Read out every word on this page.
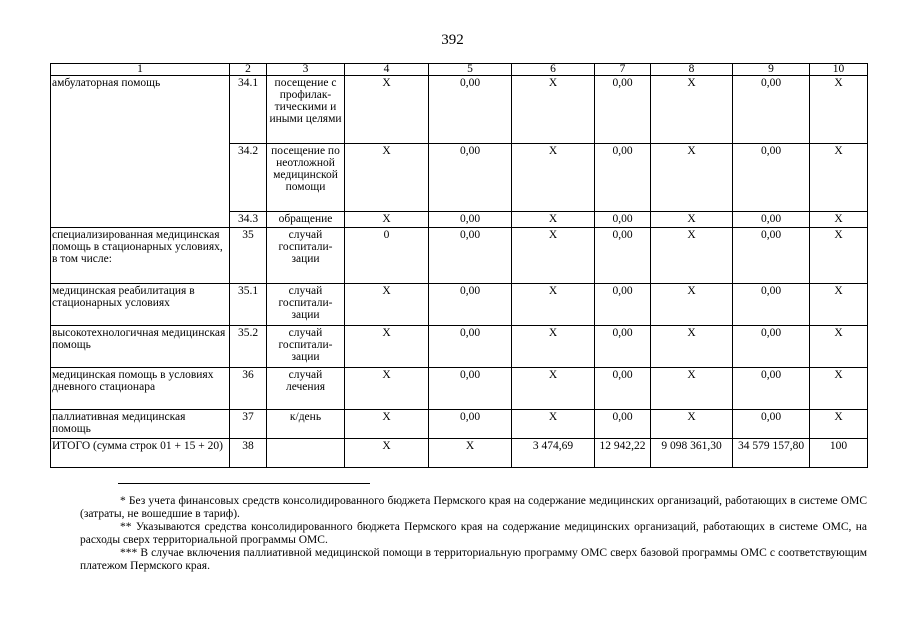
392
1	2	3	4	5	6	7	8	9	10
амбулаторная помощь	34.1	посещение с профилак-тическими и иными целями	Х	0,00	Х	0,00	Х	0,00	Х
	34.2	посещение по неотложной медицинской помощи	Х	0,00	Х	0,00	Х	0,00	Х
	34.3	обращение	Х	0,00	Х	0,00	Х	0,00	Х
специализированная медицинская помощь в стационарных условиях, в том числе:	35	случай госпитали-зации	0	0,00	Х	0,00	Х	0,00	Х
медицинская реабилитация в стационарных условиях	35.1	случай госпитали-зации	Х	0,00	Х	0,00	Х	0,00	Х
высокотехнологичная медицинская помощь	35.2	случай госпитали-зации	Х	0,00	Х	0,00	Х	0,00	Х
медицинская помощь в условиях дневного стационара	36	случай лечения	Х	0,00	Х	0,00	Х	0,00	Х
паллиативная медицинская помощь	37	к/день	Х	0,00	Х	0,00	Х	0,00	Х
ИТОГО (сумма строк 01 + 15 + 20)	38		Х	Х	3 474,69	12 942,22	9 098 361,30	34 579 157,80	100

* Без учета финансовых средств консолидированного бюджета Пермского края на содержание медицинских организаций, работающих в системе ОМС (затраты, не вошедшие в тариф).

** Указываются средства консолидированного бюджета Пермского края на содержание медицинских организаций, работающих в системе ОМС, на расходы сверх территориальной программы ОМС.

*** В случае включения паллиативной медицинской помощи в территориальную программу ОМС сверх базовой программы ОМС с соответствующим платежом Пермского края.
